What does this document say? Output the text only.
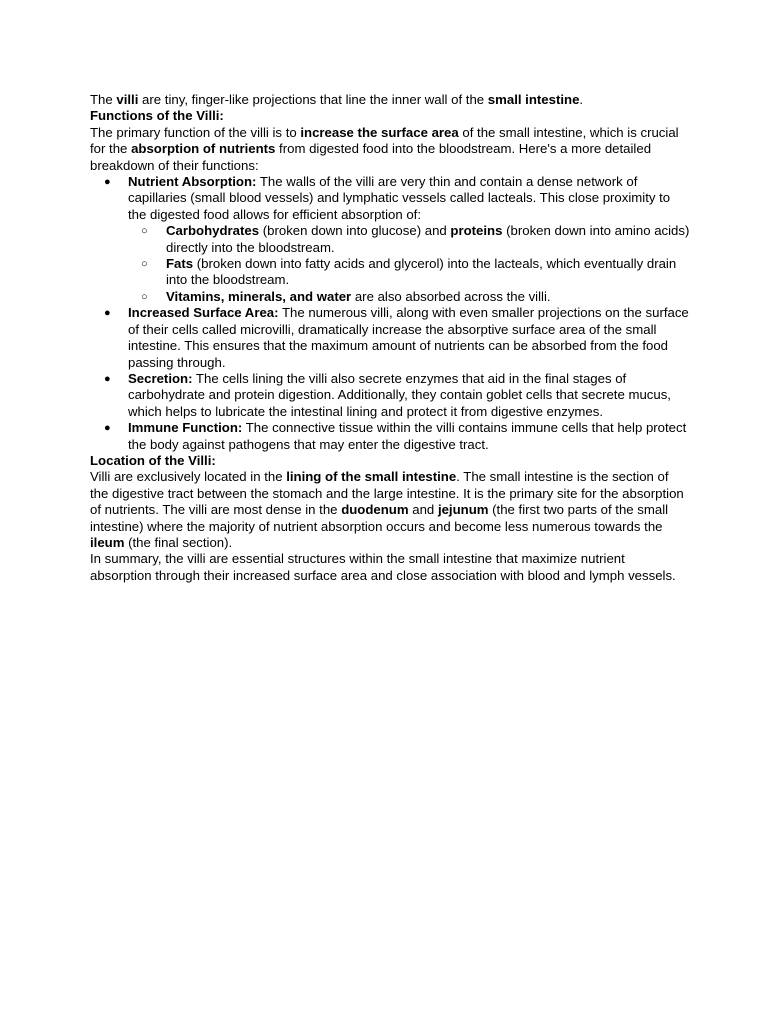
The villi are tiny, finger-like projections that line the inner wall of the small intestine.

Functions of the Villi:

The primary function of the villi is to increase the surface area of the small intestine, which is crucial for the absorption of nutrients from digested food into the bloodstream. Here's a more detailed breakdown of their functions:

● Nutrient Absorption: The walls of the villi are very thin and contain a dense network of capillaries (small blood vessels) and lymphatic vessels called lacteals. This close proximity to the digested food allows for efficient absorption of:
○ Carbohydrates (broken down into glucose) and proteins (broken down into amino acids) directly into the bloodstream.
○ Fats (broken down into fatty acids and glycerol) into the lacteals, which eventually drain into the bloodstream.
○ Vitamins, minerals, and water are also absorbed across the villi.
● Increased Surface Area: The numerous villi, along with even smaller projections on the surface of their cells called microvilli, dramatically increase the absorptive surface area of the small intestine. This ensures that the maximum amount of nutrients can be absorbed from the food passing through.
● Secretion: The cells lining the villi also secrete enzymes that aid in the final stages of carbohydrate and protein digestion. Additionally, they contain goblet cells that secrete mucus, which helps to lubricate the intestinal lining and protect it from digestive enzymes.
● Immune Function: The connective tissue within the villi contains immune cells that help protect the body against pathogens that may enter the digestive tract.

Location of the Villi:

Villi are exclusively located in the lining of the small intestine. The small intestine is the section of the digestive tract between the stomach and the large intestine. It is the primary site for the absorption of nutrients. The villi are most dense in the duodenum and jejunum (the first two parts of the small intestine) where the majority of nutrient absorption occurs and become less numerous towards the ileum (the final section).

In summary, the villi are essential structures within the small intestine that maximize nutrient absorption through their increased surface area and close association with blood and lymph vessels.
